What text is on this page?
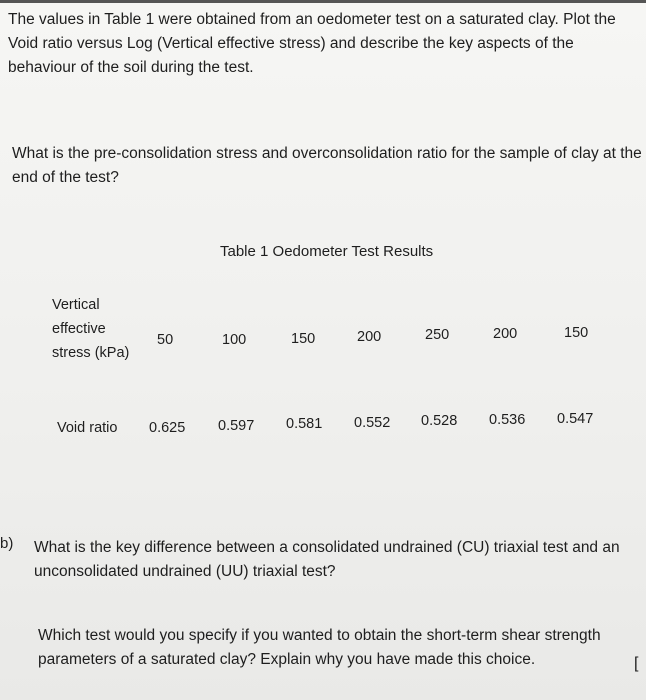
The values in Table 1 were obtained from an oedometer test on a saturated clay. Plot the Void ratio versus Log (Vertical effective stress) and describe the key aspects of the behaviour of the soil during the test.

What is the pre-consolidation stress and overconsolidation ratio for the sample of clay at the end of the test?

Table 1 Oedometer Test Results
Vertical effective stress (kPa)
50	100	150	200	250	200	150
Void ratio 0.625 0.597 0.581 0.552 0.528 0.536 0.547
b) What is the key difference between a consolidated undrained (CU) triaxial test and an unconsolidated undrained (UU) triaxial test?

Which test would you specify if you wanted to obtain the short-term shear strength parameters of a saturated clay? Explain why you have made this choice.	[
